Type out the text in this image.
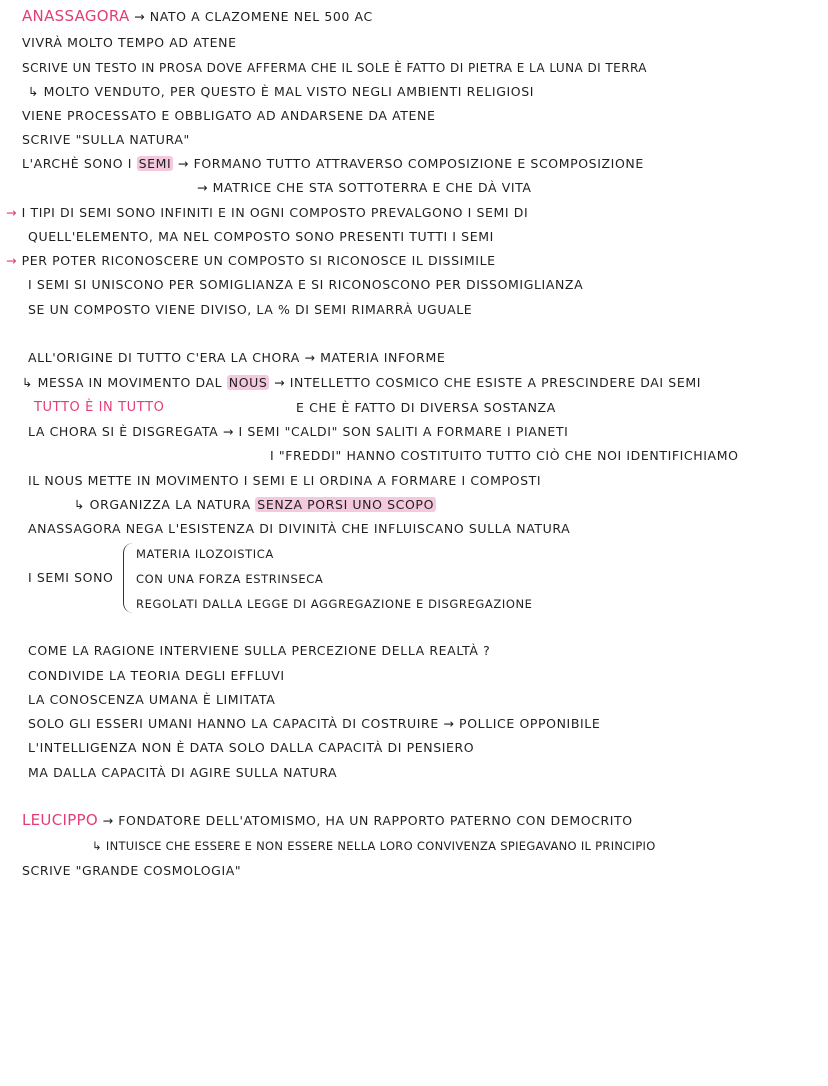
ANASSAGORA → NATO A CLAZOMENE NEL 500 AC
VIVRÀ MOLTO TEMPO AD ATENE
SCRIVE UN TESTO IN PROSA DOVE AFFERMA CHE IL SOLE È FATTO DI PIETRA E LA LUNA DI TERRA
↳ MOLTO VENDUTO, PER QUESTO È MAL VISTO NEGLI AMBIENTI RELIGIOSI
VIENE PROCESSATO E OBBLIGATO AD ANDARSENE DA ATENE
SCRIVE "SULLA NATURA"
L'ARCHÈ SONO I SEMI → FORMANO TUTTO ATTRAVERSO COMPOSIZIONE E SCOMPOSIZIONE
→ MATRICE CHE STA SOTTOTERRA E CHE DÀ VITA
→ I TIPI DI SEMI SONO INFINITI E IN OGNI COMPOSTO PREVALGONO I SEMI DI
QUELL'ELEMENTO, MA NEL COMPOSTO SONO PRESENTI TUTTI I SEMI
→ PER POTER RICONOSCERE UN COMPOSTO SI RICONOSCE IL DISSIMILE
I SEMI SI UNISCONO PER SOMIGLIANZA E SI RICONOSCONO PER DISSOMIGLIANZA
SE UN COMPOSTO VIENE DIVISO, LA % DI SEMI RIMARRÀ UGUALE
ALL'ORIGINE DI TUTTO C'ERA LA CHORA → MATERIA INFORME
↳ MESSA IN MOVIMENTO DAL NOUS → INTELLETTO COSMICO CHE ESISTE A PRESCINDERE DAI SEMI
TUTTO È IN TUTTO	E CHE È FATTO DI DIVERSA SOSTANZA
LA CHORA SI È DISGREGATA → I SEMI "CALDI" SON SALITI A FORMARE I PIANETI
I "FREDDI" HANNO COSTITUITO TUTTO CIÒ CHE NOI IDENTIFICHIAMO
IL NOUS METTE IN MOVIMENTO I SEMI E LI ORDINA A FORMARE I COMPOSTI
↳ ORGANIZZA LA NATURA SENZA PORSI UNO SCOPO
ANASSAGORA NEGA L'ESISTENZA DI DIVINITÀ CHE INFLUISCANO SULLA NATURA
I SEMI SONO
MATERIA ILOZOISTICA
CON UNA FORZA ESTRINSECA
REGOLATI DALLA LEGGE DI AGGREGAZIONE E DISGREGAZIONE
COME LA RAGIONE INTERVIENE SULLA PERCEZIONE DELLA REALTÀ ?
CONDIVIDE LA TEORIA DEGLI EFFLUVI
LA CONOSCENZA UMANA È LIMITATA
SOLO GLI ESSERI UMANI HANNO LA CAPACITÀ DI COSTRUIRE → POLLICE OPPONIBILE
L'INTELLIGENZA NON È DATA SOLO DALLA CAPACITÀ DI PENSIERO
MA DALLA CAPACITÀ DI AGIRE SULLA NATURA
LEUCIPPO → FONDATORE DELL'ATOMISMO, HA UN RAPPORTO PATERNO CON DEMOCRITO
↳ INTUISCE CHE ESSERE E NON ESSERE NELLA LORO CONVIVENZA SPIEGAVANO IL PRINCIPIO
SCRIVE "GRANDE COSMOLOGIA"
